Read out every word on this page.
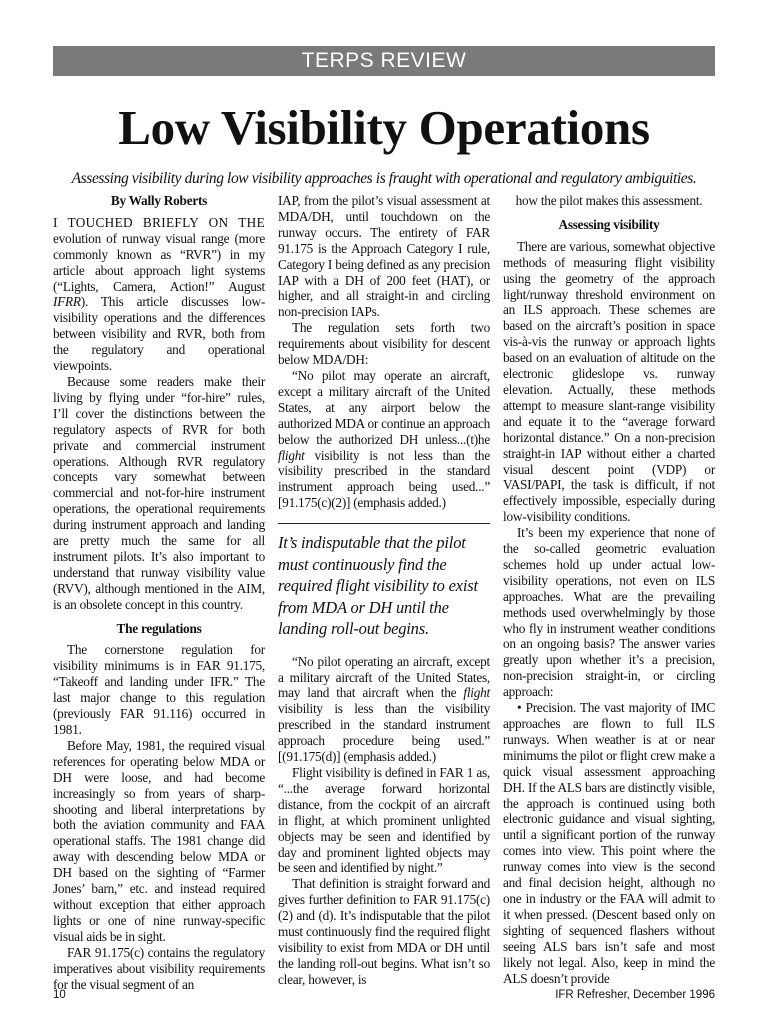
TERPS REVIEW
Low Visibility Operations
Assessing visibility during low visibility approaches is fraught with operational and regulatory ambiguities.
By Wally Roberts

I TOUCHED BRIEFLY ON THE evolution of runway visual range (more commonly known as “RVR”) in my article about approach light systems (“Lights, Camera, Action!” August IFRR). This article discusses low-visibility operations and the differences between visibility and RVR, both from the regulatory and operational viewpoints.

Because some readers make their living by flying under “for-hire” rules, I’ll cover the distinctions between the regulatory aspects of RVR for both private and commercial instrument operations. Although RVR regulatory concepts vary somewhat between commercial and not-for-hire instrument operations, the operational requirements during instrument approach and landing are pretty much the same for all instrument pilots. It’s also important to understand that runway visibility value (RVV), although mentioned in the AIM, is an obsolete concept in this country.

The regulations

The cornerstone regulation for visibility minimums is in FAR 91.175, “Takeoff and landing under IFR.” The last major change to this regulation (previously FAR 91.116) occurred in 1981.

Before May, 1981, the required visual references for operating below MDA or DH were loose, and had become increasingly so from years of sharp-shooting and liberal interpretations by both the aviation community and FAA operational staffs. The 1981 change did away with descending below MDA or DH based on the sighting of “Farmer Jones’ barn,” etc. and instead required without exception that either approach lights or one of nine runway-specific visual aids be in sight.

FAR 91.175(c) contains the regulatory imperatives about visibility requirements for the visual segment of an

IAP, from the pilot’s visual assessment at MDA/DH, until touchdown on the runway occurs. The entirety of FAR 91.175 is the Approach Category I rule, Category I being defined as any precision IAP with a DH of 200 feet (HAT), or higher, and all straight-in and circling non-precision IAPs.

The regulation sets forth two requirements about visibility for descent below MDA/DH:

“No pilot may operate an aircraft, except a military aircraft of the United States, at any airport below the authorized MDA or continue an approach below the authorized DH unless...(t)he flight visibility is not less than the visibility prescribed in the standard instrument approach being used...” [91.175(c)(2)] (emphasis added.)

It’s indisputable that the pilot must continuously find the required flight visibility to exist from MDA or DH until the landing roll-out begins.

“No pilot operating an aircraft, except a military aircraft of the United States, may land that aircraft when the flight visibility is less than the visibility prescribed in the standard instrument approach procedure being used.” [(91.175(d)] (emphasis added.)

Flight visibility is defined in FAR 1 as, “...the average forward horizontal distance, from the cockpit of an aircraft in flight, at which prominent unlighted objects may be seen and identified by day and prominent lighted objects may be seen and identified by night.”

That definition is straight forward and gives further definition to FAR 91.175(c)(2) and (d). It’s indisputable that the pilot must continuously find the required flight visibility to exist from MDA or DH until the landing roll-out begins. What isn’t so clear, however, is

how the pilot makes this assessment.

Assessing visibility

There are various, somewhat objective methods of measuring flight visibility using the geometry of the approach light/runway threshold environment on an ILS approach. These schemes are based on the aircraft’s position in space vis-à-vis the runway or approach lights based on an evaluation of altitude on the electronic glideslope vs. runway elevation. Actually, these methods attempt to measure slant-range visibility and equate it to the “average forward horizontal distance.” On a non-precision straight-in IAP without either a charted visual descent point (VDP) or VASI/PAPI, the task is difficult, if not effectively impossible, especially during low-visibility conditions.

It’s been my experience that none of the so-called geometric evaluation schemes hold up under actual low-visibility operations, not even on ILS approaches. What are the prevailing methods used overwhelmingly by those who fly in instrument weather conditions on an ongoing basis? The answer varies greatly upon whether it’s a precision, non-precision straight-in, or circling approach:

• Precision. The vast majority of IMC approaches are flown to full ILS runways. When weather is at or near minimums the pilot or flight crew make a quick visual assessment approaching DH. If the ALS bars are distinctly visible, the approach is continued using both electronic guidance and visual sighting, until a significant portion of the runway comes into view. This point where the runway comes into view is the second and final decision height, although no one in industry or the FAA will admit to it when pressed. (Descent based only on sighting of sequenced flashers without seeing ALS bars isn’t safe and most likely not legal. Also, keep in mind the ALS doesn’t provide

10	IFR Refresher, December 1996
